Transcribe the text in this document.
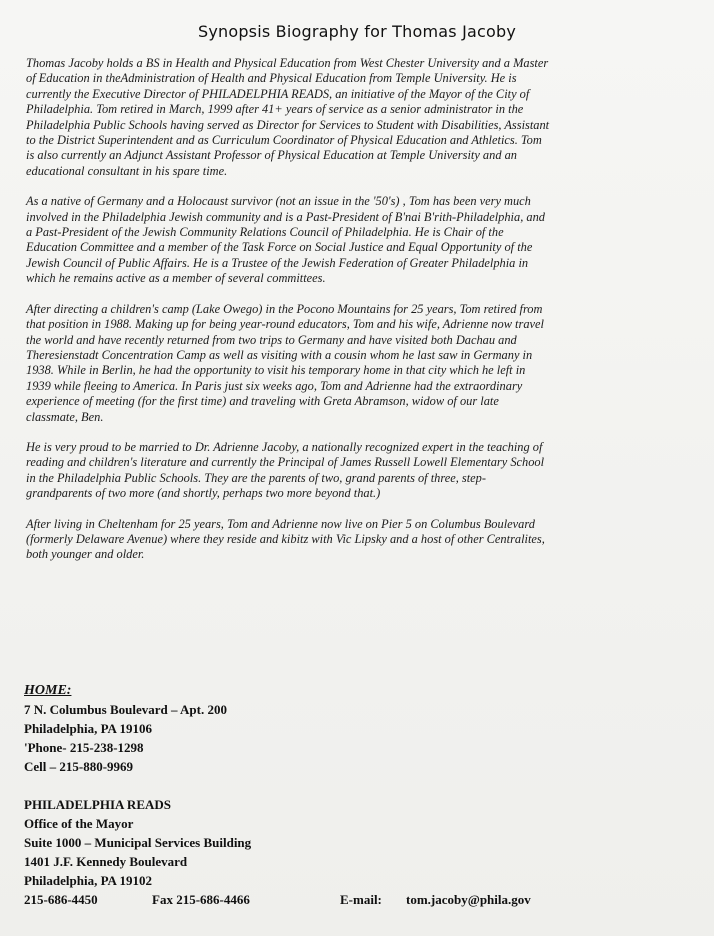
Synopsis Biography for Thomas Jacoby

Thomas Jacoby holds a BS in Health and Physical Education from West Chester University and a Master
of Education in theAdministration of Health and Physical Education from Temple University. He is
currently the Executive Director of PHILADELPHIA READS, an initiative of the Mayor of the City of
Philadelphia. Tom retired in March, 1999 after 41+ years of service as a senior administrator in the
Philadelphia Public Schools having served as Director for Services to Student with Disabilities, Assistant
to the District Superintendent and as Curriculum Coordinator of Physical Education and Athletics. Tom
is also currently an Adjunct Assistant Professor of Physical Education at Temple University and an
educational consultant in his spare time.

As a native of Germany and a Holocaust survivor (not an issue in the '50's) , Tom has been very much
involved in the Philadelphia Jewish community and is a Past-President of B'nai B'rith-Philadelphia, and
a Past-President of the Jewish Community Relations Council of Philadelphia. He is Chair of the
Education Committee and a member of the Task Force on Social Justice and Equal Opportunity of the
Jewish Council of Public Affairs. He is a Trustee of the Jewish Federation of Greater Philadelphia in
which he remains active as a member of several committees.

After directing a children's camp (Lake Owego) in the Pocono Mountains for 25 years, Tom retired from
that position in 1988. Making up for being year-round educators, Tom and his wife, Adrienne now travel
the world and have recently returned from two trips to Germany and have visited both Dachau and
Theresienstadt Concentration Camp as well as visiting with a cousin whom he last saw in Germany in
1938. While in Berlin, he had the opportunity to visit his temporary home in that city which he left in
1939 while fleeing to America. In Paris just six weeks ago, Tom and Adrienne had the extraordinary
experience of meeting (for the first time) and traveling with Greta Abramson, widow of our late
classmate, Ben.

He is very proud to be married to Dr. Adrienne Jacoby, a nationally recognized expert in the teaching of
reading and children's literature and currently the Principal of James Russell Lowell Elementary School
in the Philadelphia Public Schools. They are the parents of two, grand parents of three, step-
grandparents of two more (and shortly, perhaps two more beyond that.)

After living in Cheltenham for 25 years, Tom and Adrienne now live on Pier 5 on Columbus Boulevard
(formerly Delaware Avenue) where they reside and kibitz with Vic Lipsky and a host of other Centralites,
both younger and older.

HOME:
7 N. Columbus Boulevard – Apt. 200
Philadelphia, PA 19106
'Phone- 215-238-1298
Cell – 215-880-9969
PHILADELPHIA READS
Office of the Mayor
Suite 1000 – Municipal Services Building
1401 J.F. Kennedy Boulevard
Philadelphia, PA 19102
215-686-4450	Fax 215-686-4466	E-mail: tom.jacoby@phila.gov
